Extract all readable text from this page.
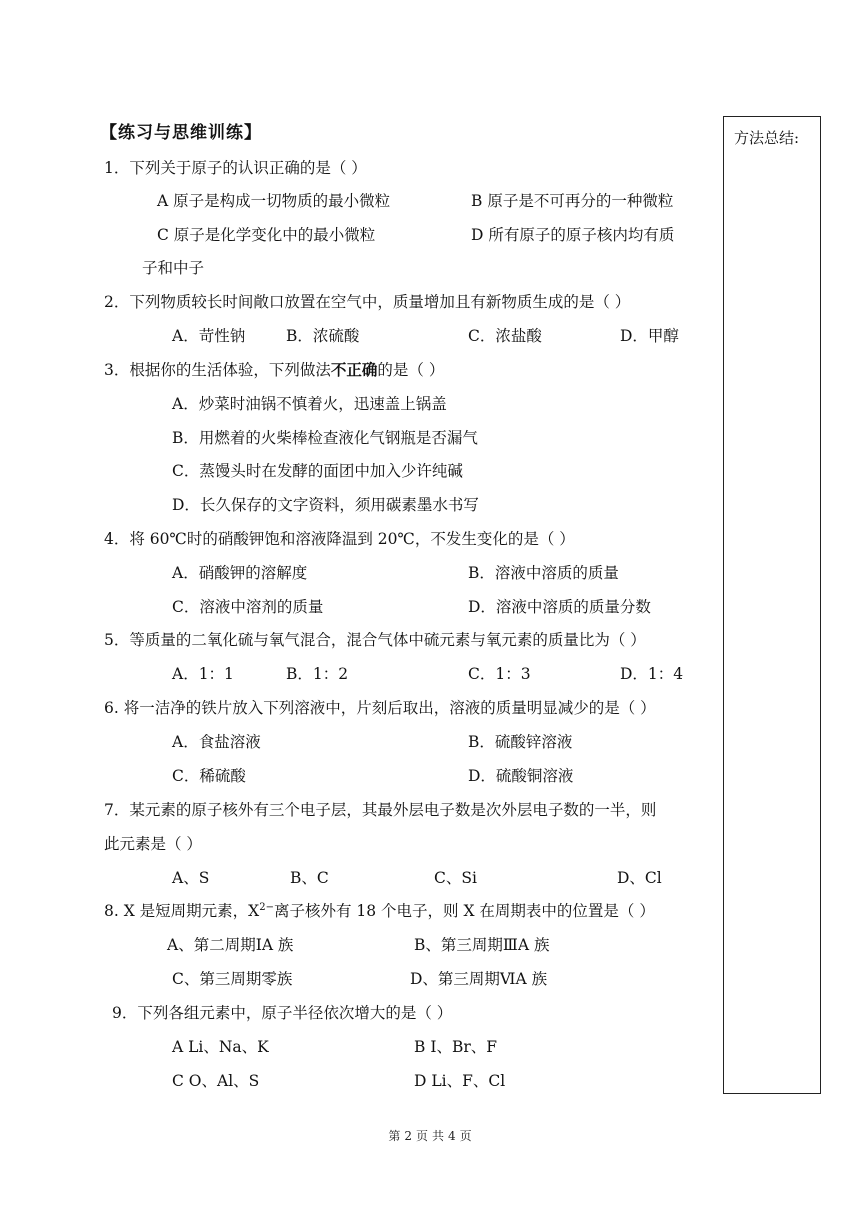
【练习与思维训练】	方法总结:
1．下列关于原子的认识正确的是（ ）
A 原子是构成一切物质的最小微粒	B 原子是不可再分的一种微粒
C 原子是化学变化中的最小微粒	D 所有原子的原子核内均有质
子和中子
2．下列物质较长时间敞口放置在空气中，质量增加且有新物质生成的是（ ）
A．苛性钠	B．浓硫酸	C．浓盐酸	D．甲醇
3．根据你的生活体验，下列做法不正确的是（ ）
A．炒菜时油锅不慎着火，迅速盖上锅盖
B．用燃着的火柴棒检查液化气钢瓶是否漏气
C．蒸馒头时在发酵的面团中加入少许纯碱
D．长久保存的文字资料，须用碳素墨水书写
4．将 60℃时的硝酸钾饱和溶液降温到 20℃，不发生变化的是（ ）
A．硝酸钾的溶解度	B．溶液中溶质的质量
C．溶液中溶剂的质量	D．溶液中溶质的质量分数
5．等质量的二氧化硫与氧气混合，混合气体中硫元素与氧元素的质量比为（ ）
A．1：1	B．1：2	C．1：3	D．1：4
6. 将一洁净的铁片放入下列溶液中，片刻后取出，溶液的质量明显减少的是（ ）
A．食盐溶液	B．硫酸锌溶液
C．稀硫酸	D．硫酸铜溶液
7．某元素的原子核外有三个电子层，其最外层电子数是次外层电子数的一半，则
此元素是（ ）
A、S	B、C	C、Si	D、Cl
8. X 是短周期元素，$X^{2-}$离子核外有 18 个电子，则 X 在周期表中的位置是（ ）
A、第二周期ⅠA 族	B、第三周期ⅢA 族
C、第三周期零族	D、第三周期ⅥA 族
9．下列各组元素中，原子半径依次增大的是（ ）
A Li、Na、K	B I、Br、F
C O、Al、S	D Li、F、Cl
第 2 页 共 4 页
